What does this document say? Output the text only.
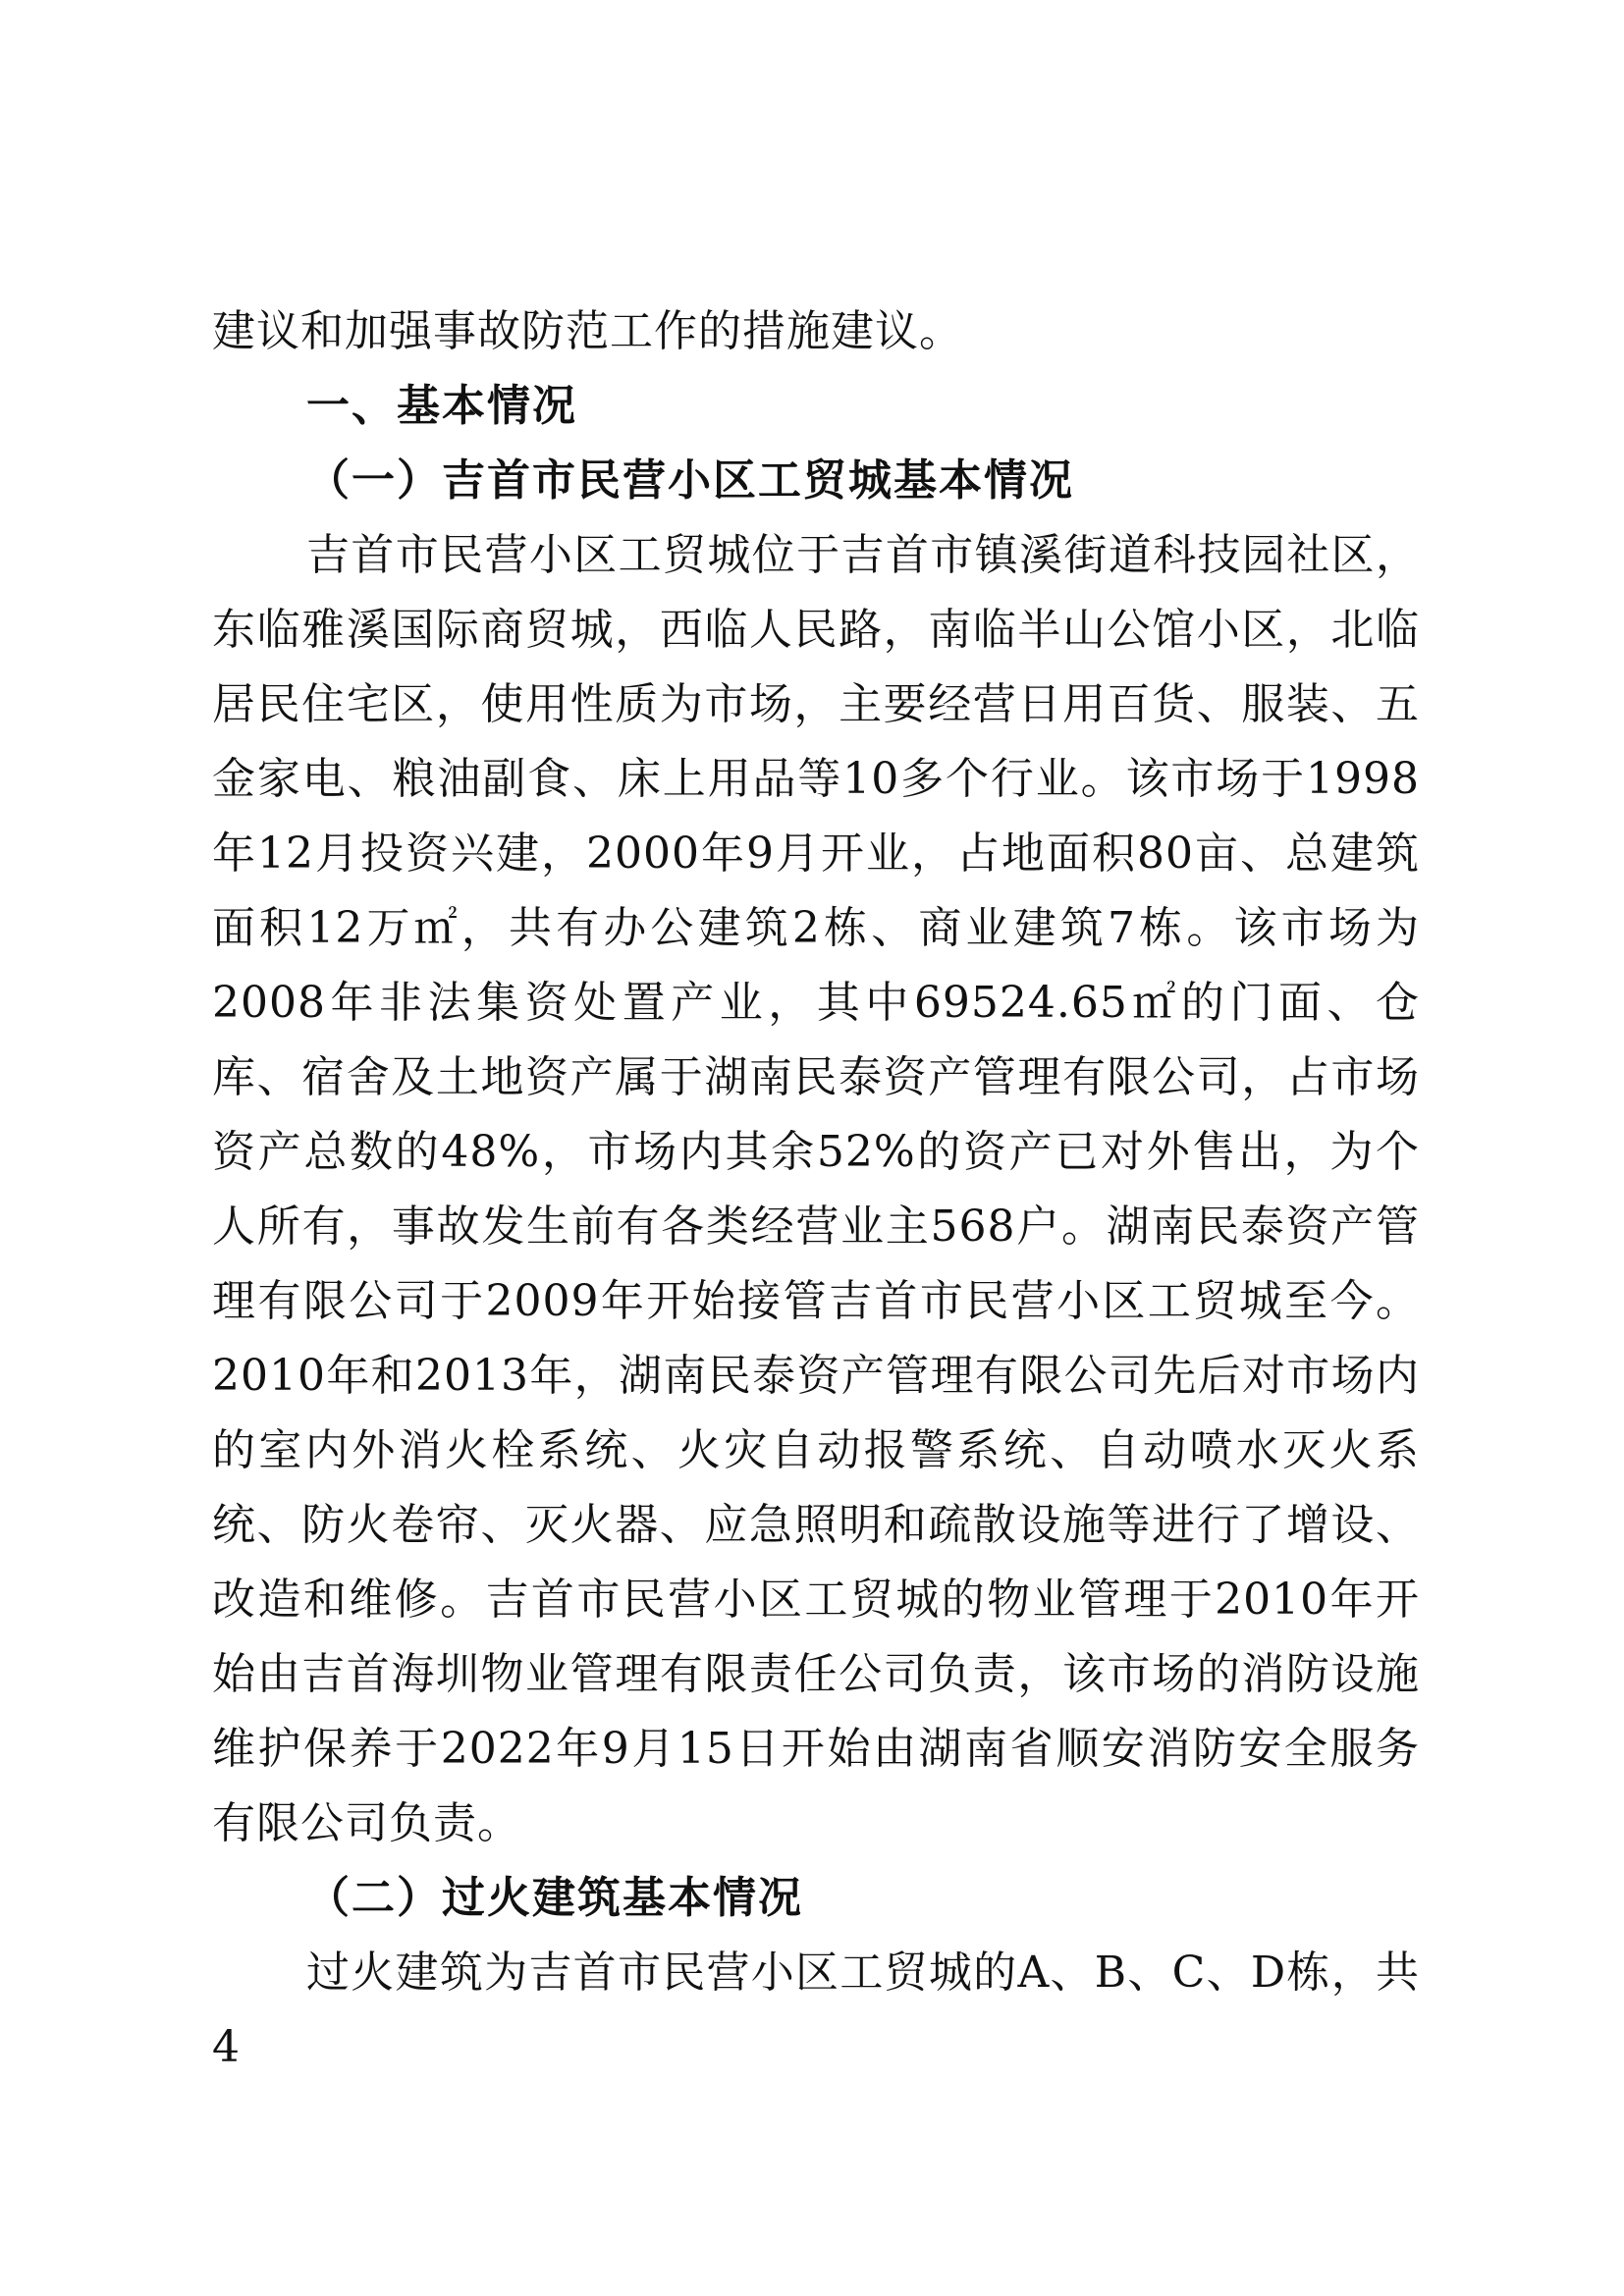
建议和加强事故防范工作的措施建议。

一、基本情况

（一）吉首市民营小区工贸城基本情况

吉首市民营小区工贸城位于吉首市镇溪街道科技园社区，东临雅溪国际商贸城，西临人民路，南临半山公馆小区，北临居民住宅区，使用性质为市场，主要经营日用百货、服装、五金家电、粮油副食、床上用品等10多个行业。该市场于1998年12月投资兴建，2000年9月开业，占地面积80亩、总建筑面积12万㎡，共有办公建筑2栋、商业建筑7栋。该市场为2008年非法集资处置产业，其中69524.65㎡的门面、仓库、宿舍及土地资产属于湖南民泰资产管理有限公司，占市场资产总数的48%，市场内其余52%的资产已对外售出，为个人所有，事故发生前有各类经营业主568户。湖南民泰资产管理有限公司于2009年开始接管吉首市民营小区工贸城至今。2010年和2013年，湖南民泰资产管理有限公司先后对市场内的室内外消火栓系统、火灾自动报警系统、自动喷水灭火系统、防火卷帘、灭火器、应急照明和疏散设施等进行了增设、改造和维修。吉首市民营小区工贸城的物业管理于2010年开始由吉首海圳物业管理有限责任公司负责，该市场的消防设施维护保养于2022年9月15日开始由湖南省顺安消防安全服务有限公司负责。

（二）过火建筑基本情况

过火建筑为吉首市民营小区工贸城的A、B、C、D栋，共4
